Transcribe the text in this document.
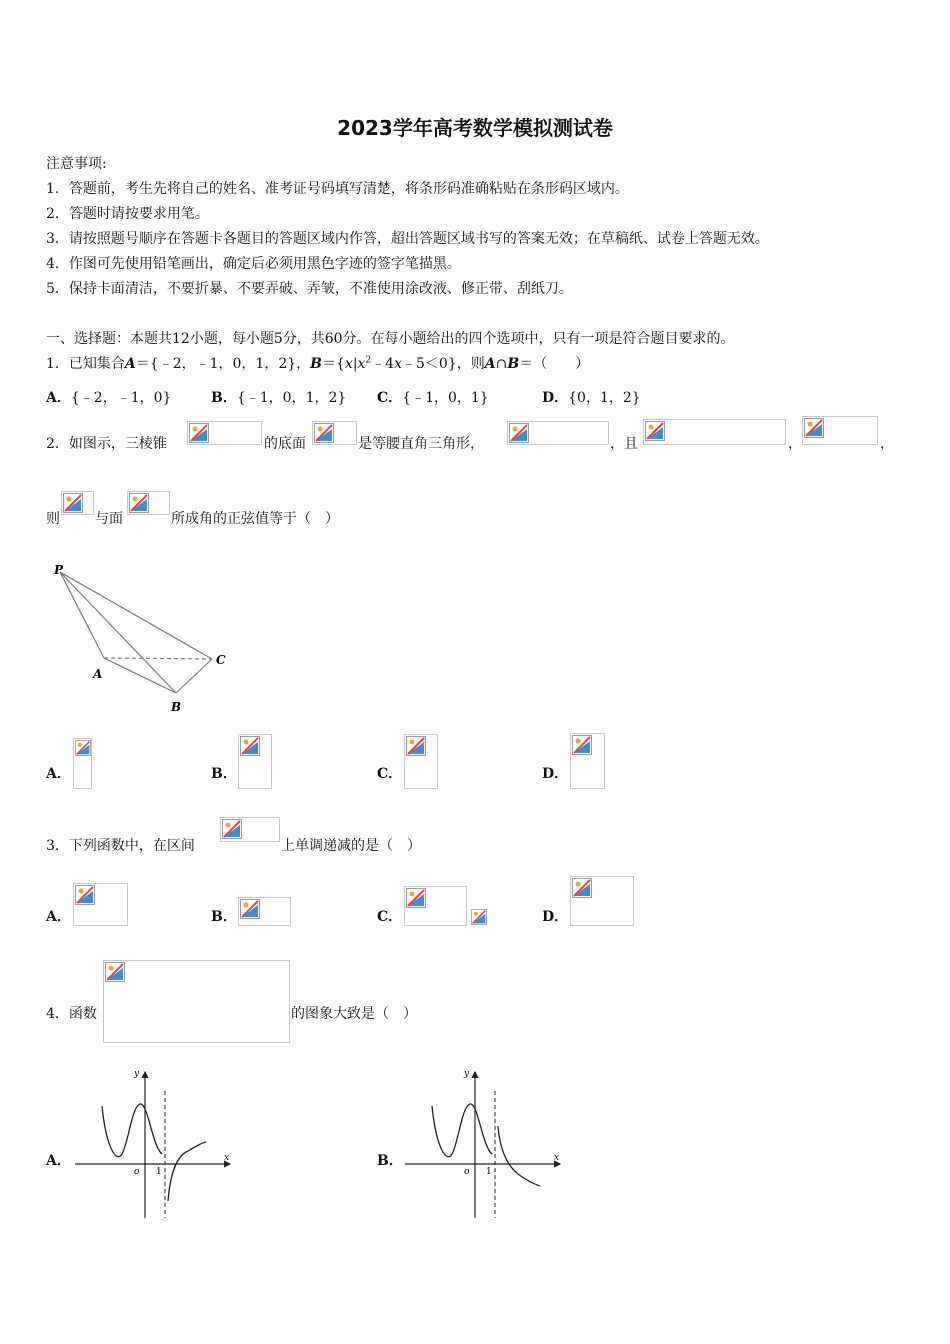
2023学年高考数学模拟测试卷
注意事项:
1．答题前，考生先将自己的姓名、准考证号码填写清楚，将条形码准确粘贴在条形码区域内。
2．答题时请按要求用笔。
3．请按照题号顺序在答题卡各题目的答题区域内作答，超出答题区域书写的答案无效；在草稿纸、试卷上答题无效。
4．作图可先使用铅笔画出，确定后必须用黑色字迹的签字笔描黑。
5．保持卡面清洁，不要折暴、不要弄破、弄皱，不准使用涂改液、修正带、刮纸刀。
一、选择题：本题共12小题，每小题5分，共60分。在每小题给出的四个选项中，只有一项是符合题目要求的。
1．已知集合A＝{﹣2，﹣1，0，1，2}，$B=\{x|x^2﹣4x﹣5<0\}$，则A∩B＝（　　）
A．{﹣2，﹣1，0}	B．{﹣1，0，1，2} C．{﹣1，0，1}	D．{0，1，2}
2．如图示，三棱锥	的底面	是等腰直角三角形，	，且	，	，
则	与面	所成角的正弦值等于（　）
P
A
B
C
A．	B．	C．	D．
3．下列函数中，在区间	上单调递减的是（　）
A．	B．	C．	D．
4．函数	的图象大致是（　）
A．	x
y
o 1
B．	x
y
o 1
